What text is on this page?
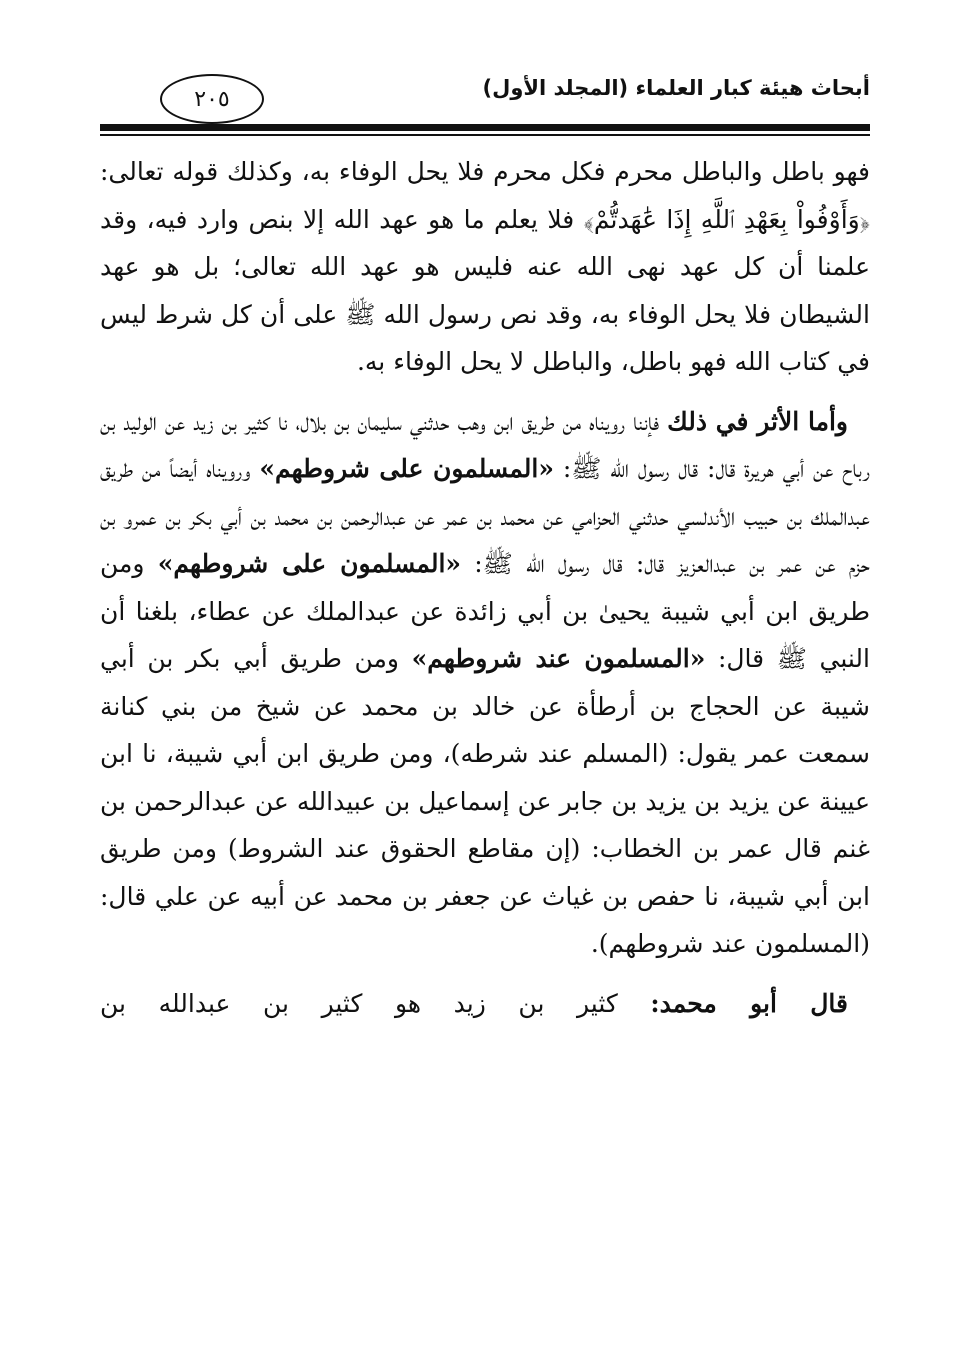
أبحاث هيئة كبار العلماء (المجلد الأول)
٢٠٥

فهو باطل والباطل محرم فكل محرم فلا يحل الوفاء به، وكذلك قوله تعالى: ﴿وَأَوْفُواْ بِعَهْدِ ٱللَّهِ إِذَا عَٰهَدتُّمْ﴾ فلا يعلم ما هو عهد الله إلا بنص وارد فيه، وقد علمنا أن كل عهد نهى الله عنه فليس هو عهد الله تعالى؛ بل هو عهد الشيطان فلا يحل الوفاء به، وقد نص رسول الله ﷺ على أن كل شرط ليس في كتاب الله فهو باطل، والباطل لا يحل الوفاء به.

وأما الأثر في ذلك فإننا رويناه من طريق ابن وهب حدثني سليمان بن بلال، نا كثير بن زيد عن الوليد بن رباح عن أبي هريرة قال: قال رسول الله ﷺ: «المسلمون على شروطهم» ورويناه أيضاً من طريق عبدالملك بن حبيب الأندلسي حدثني الحزامي عن محمد بن عمر عن عبدالرحمن بن محمد بن أبي بكر بن عمرو بن حزم عن عمر بن عبدالعزيز قال: قال رسول الله ﷺ: «المسلمون على شروطهم» ومن طريق ابن أبي شيبة يحيىٰ بن أبي زائدة عن عبدالملك عن عطاء، بلغنا أن النبي ﷺ قال: «المسلمون عند شروطهم» ومن طريق أبي بكر بن أبي شيبة عن الحجاج بن أرطأة عن خالد بن محمد عن شيخ من بني كنانة سمعت عمر يقول: (المسلم عند شرطه)، ومن طريق ابن أبي شيبة، نا ابن عيينة عن يزيد بن يزيد بن جابر عن إسماعيل بن عبيدالله عن عبدالرحمن بن غنم قال عمر بن الخطاب: (إن مقاطع الحقوق عند الشروط) ومن طريق ابن أبي شيبة، نا حفص بن غياث عن جعفر بن محمد عن أبيه عن علي قال: (المسلمون عند شروطهم).

قال أبو محمد: كثير بن زيد هو كثير بن عبدالله بن
